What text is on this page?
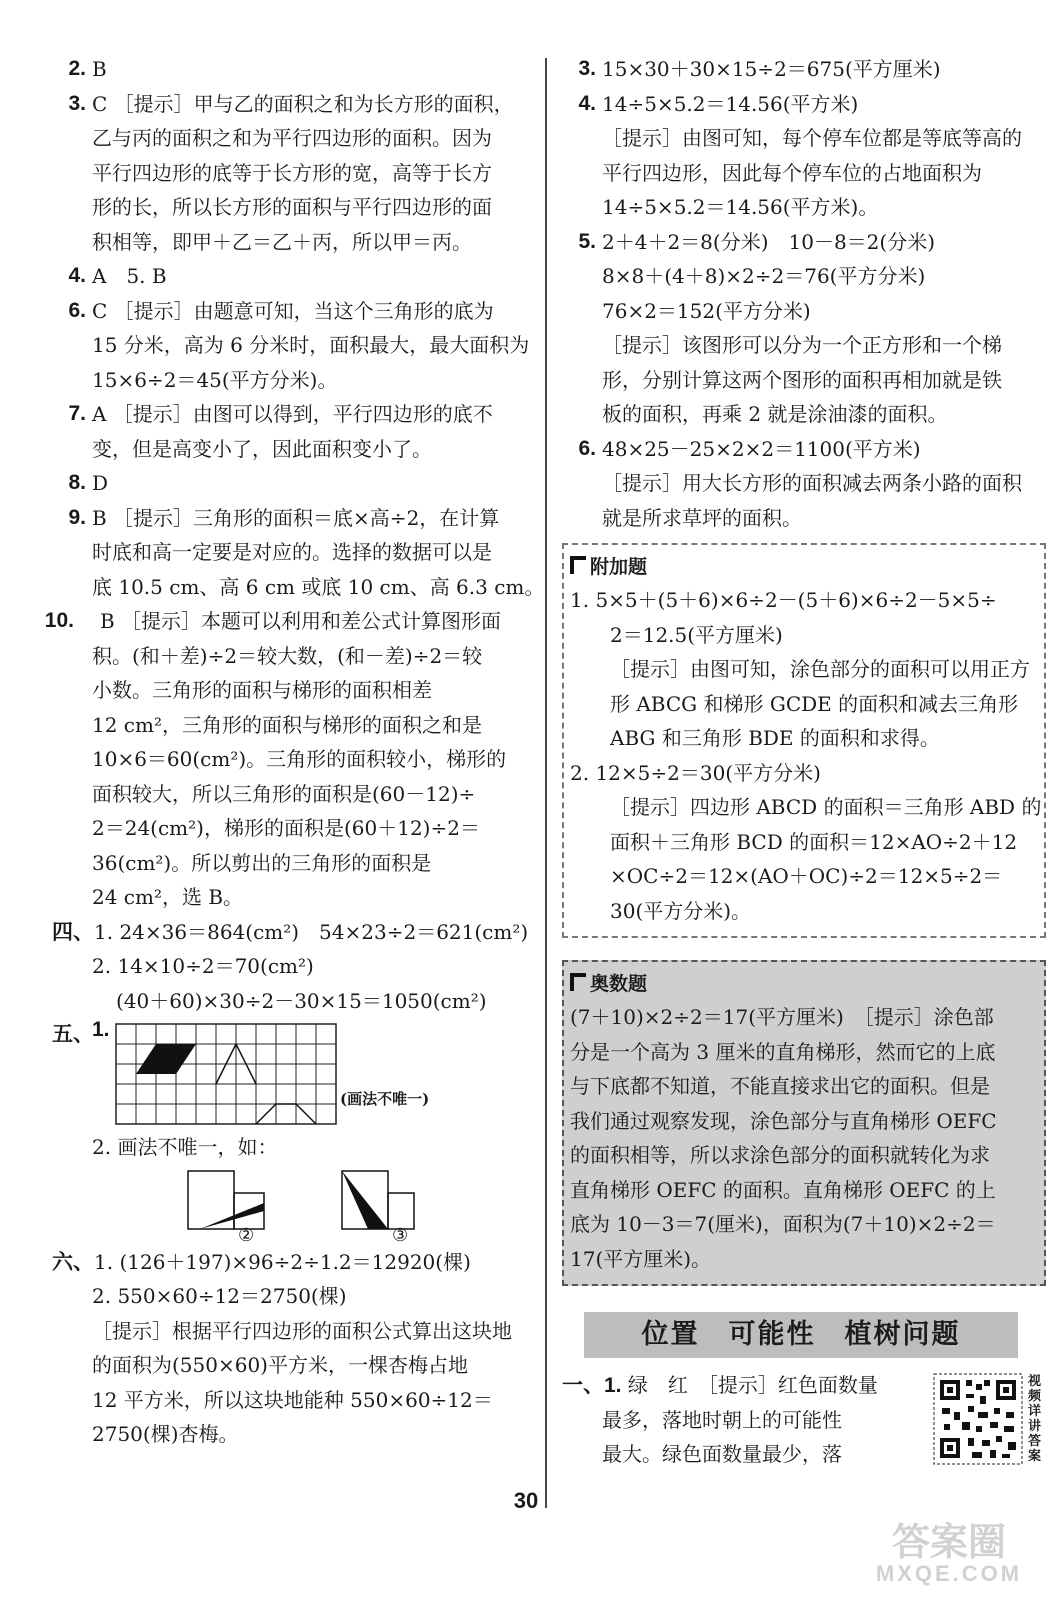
2. B
3. C ［提示］甲与乙的面积之和为长方形的面积，
乙与丙的面积之和为平行四边形的面积。因为
平行四边形的底等于长方形的宽，高等于长方
形的长，所以长方形的面积与平行四边形的面
积相等，即甲＋乙＝乙＋丙，所以甲＝丙。
4. A　5. B
6. C ［提示］由题意可知，当这个三角形的底为
15 分米，高为 6 分米时，面积最大，最大面积为
15×6÷2＝45(平方分米)。
7. A ［提示］由图可以得到，平行四边形的底不
变，但是高变小了，因此面积变小了。
8. D
9. B ［提示］三角形的面积＝底×高÷2，在计算
时底和高一定要是对应的。选择的数据可以是
底 10.5 cm、高 6 cm 或底 10 cm、高 6.3 cm。
10.	B ［提示］本题可以利用和差公式计算图形面
积。(和＋差)÷2＝较大数，(和－差)÷2＝较
小数。三角形的面积与梯形的面积相差
12 cm²，三角形的面积与梯形的面积之和是
10×6＝60(cm²)。三角形的面积较小，梯形的
面积较大，所以三角形的面积是(60－12)÷
2＝24(cm²)，梯形的面积是(60＋12)÷2＝
36(cm²)。所以剪出的三角形的面积是
24 cm²，选 B。
四、1. 24×36＝864(cm²)　54×23÷2＝621(cm²)
2. 14×10÷2＝70(cm²)
(40＋60)×30÷2－30×15＝1050(cm²)
五、
1.
(画法不唯一)
2. 画法不唯一，如：
②	③
六、1. (126＋197)×96÷2÷1.2＝12920(棵)
2. 550×60÷12＝2750(棵)
［提示］根据平行四边形的面积公式算出这块地
的面积为(550×60)平方米，一棵杏梅占地
12 平方米，所以这块地能种 550×60÷12＝
2750(棵)杏梅。
3. 15×30＋30×15÷2＝675(平方厘米)
4. 14÷5×5.2＝14.56(平方米)
［提示］由图可知，每个停车位都是等底等高的
平行四边形，因此每个停车位的占地面积为
14÷5×5.2＝14.56(平方米)。
5. 2＋4＋2＝8(分米)　10－8＝2(分米)
8×8＋(4＋8)×2÷2＝76(平方分米)
76×2＝152(平方分米)
［提示］该图形可以分为一个正方形和一个梯
形，分别计算这两个图形的面积再相加就是铁
板的面积，再乘 2 就是涂油漆的面积。
6. 48×25－25×2×2＝1100(平方米)
［提示］用大长方形的面积减去两条小路的面积
就是所求草坪的面积。
附加题
1. 5×5＋(5＋6)×6÷2－(5＋6)×6÷2－5×5÷
2＝12.5(平方厘米)
［提示］由图可知，涂色部分的面积可以用正方
形 ABCG 和梯形 GCDE 的面积和减去三角形
ABG 和三角形 BDE 的面积和求得。
2. 12×5÷2＝30(平方分米)
［提示］四边形 ABCD 的面积＝三角形 ABD 的
面积＋三角形 BCD 的面积＝12×AO÷2＋12
×OC÷2＝12×(AO＋OC)÷2＝12×5÷2＝
30(平方分米)。
奥数题
(7＋10)×2÷2＝17(平方厘米)　［提示］涂色部
分是一个高为 3 厘米的直角梯形，然而它的上底
与下底都不知道，不能直接求出它的面积。但是
我们通过观察发现，涂色部分与直角梯形 OEFC
的面积相等，所以求涂色部分的面积就转化为求
直角梯形 OEFC 的面积。直角梯形 OEFC 的上
底为 10－3＝7(厘米)，面积为(7＋10)×2÷2＝
17(平方厘米)。
位置　可能性　植树问题
一、1. 绿　红　［提示］红色面数量
最多，落地时朝上的可能性
最大。绿色面数量最少，落
视频详讲答案
30
答案圈
MXQE.COM
